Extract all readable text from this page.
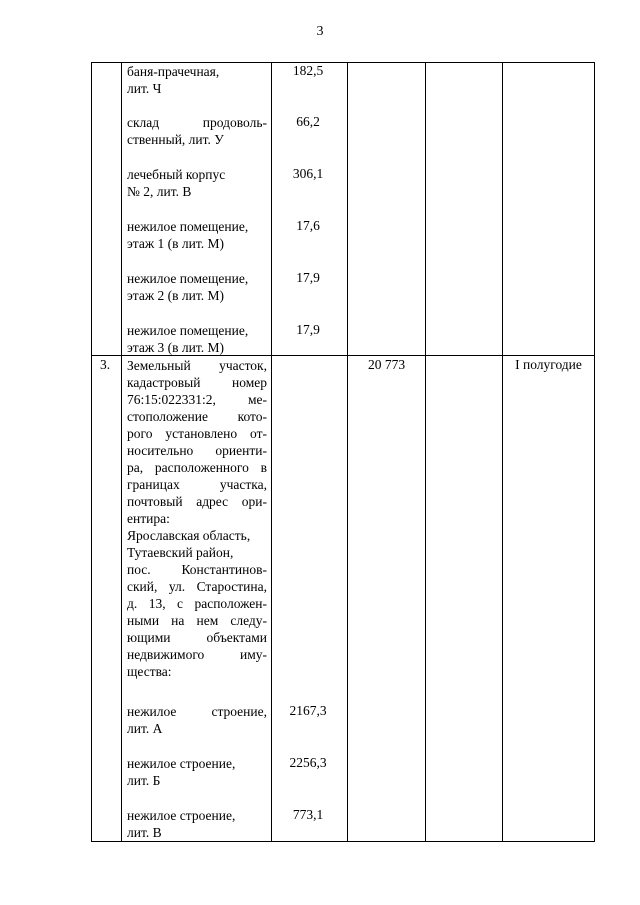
3
баня-прачечная,
лит. Ч
182,5
склад продоволь-
ственный, лит. У
66,2
лечебный корпус
№ 2, лит. В
306,1
нежилое помещение,
этаж 1 (в лит. М)
17,6
нежилое помещение,
этаж 2 (в лит. М)
17,9
нежилое помещение,
этаж 3 (в лит. М)
17,9
3. Земельный участок,
кадастровый номер
76:15:022331:2, ме-
стоположение кото-
рого установлено от-
носительно ориенти-
ра, расположенного в
границах участка,
почтовый адрес ори-
ентира:
Ярославская область,
Тутаевский район,
пос. Константинов-
ский, ул. Старостина,
д. 13, с расположен-
ными на нем следу-
ющими объектами
недвижимого иму-
щества:
20 773	I полугодие
нежилое строение,
лит. А
2167,3
нежилое строение,
лит. Б
2256,3
нежилое строение,
лит. В
773,1
